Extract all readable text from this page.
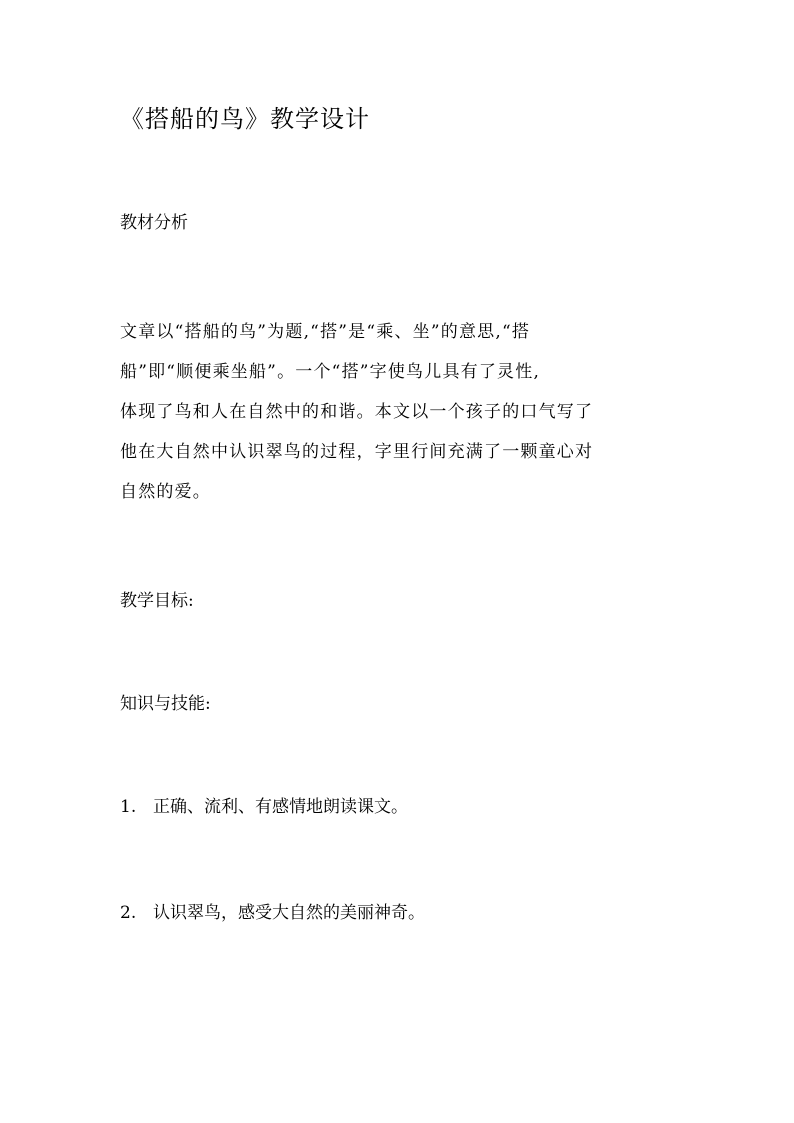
《搭船的鸟》教学设计
教材分析
文章以“搭船的鸟”为题,“搭”是“乘、坐”的意思,“搭
船”即“顺便乘坐船”。一个“搭”字使鸟儿具有了灵性,
体现了鸟和人在自然中的和谐。本文以一个孩子的口气写了
他在大自然中认识翠鸟的过程，字里行间充满了一颗童心对
自然的爱。
教学目标:
知识与技能:
1. 正确、流利、有感情地朗读课文。
2. 认识翠鸟，感受大自然的美丽神奇。
